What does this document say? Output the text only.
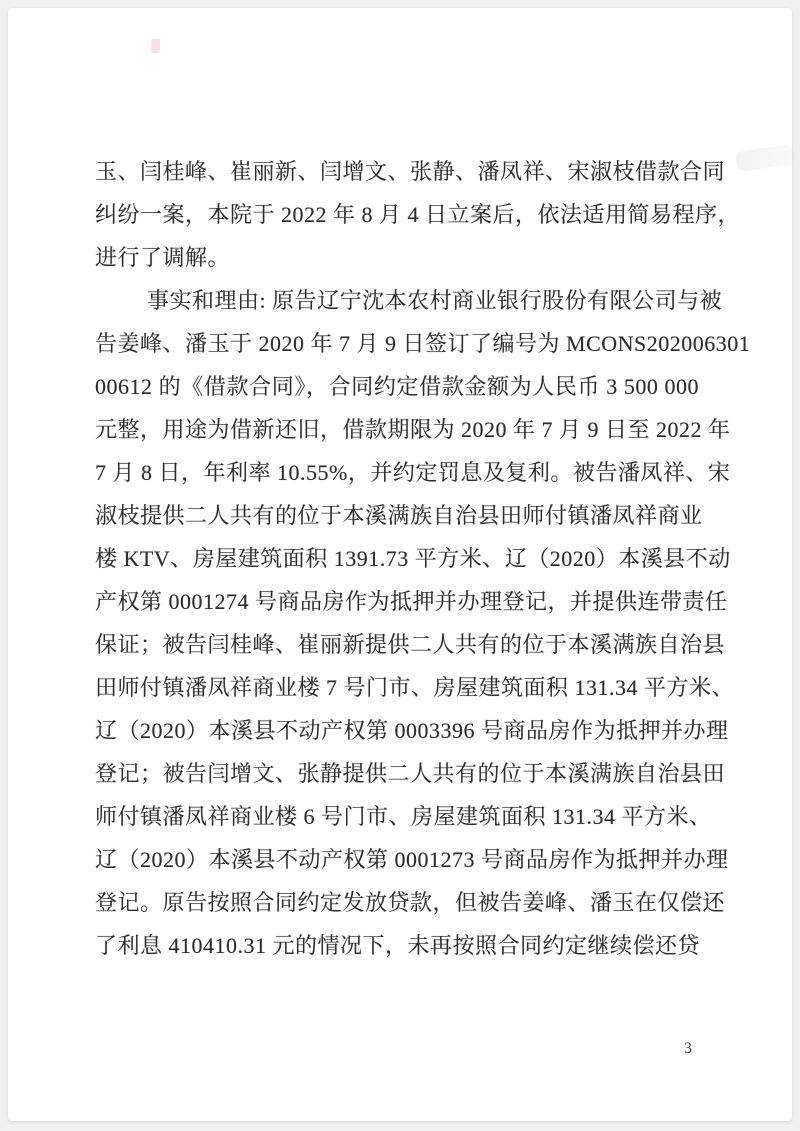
玉、闫桂峰、崔丽新、闫增文、张静、潘凤祥、宋淑枝借款合同
纠纷一案，本院于 2022 年 8 月 4 日立案后，依法适用简易程序，
进行了调解。
事实和理由: 原告辽宁沈本农村商业银行股份有限公司与被
告姜峰、潘玉于 2020 年 7 月 9 日签订了编号为 MCONS202006301
00612 的《借款合同》，合同约定借款金额为人民币 3 500 000
元整，用途为借新还旧，借款期限为 2020 年 7 月 9 日至 2022 年
7 月 8 日，年利率 10.55%，并约定罚息及复利。被告潘凤祥、宋
淑枝提供二人共有的位于本溪满族自治县田师付镇潘凤祥商业
楼 KTV、房屋建筑面积 1391.73 平方米、辽（2020）本溪县不动
产权第 0001274 号商品房作为抵押并办理登记，并提供连带责任
保证；被告闫桂峰、崔丽新提供二人共有的位于本溪满族自治县
田师付镇潘凤祥商业楼 7 号门市、房屋建筑面积 131.34 平方米、
辽（2020）本溪县不动产权第 0003396 号商品房作为抵押并办理
登记；被告闫增文、张静提供二人共有的位于本溪满族自治县田
师付镇潘凤祥商业楼 6 号门市、房屋建筑面积 131.34 平方米、
辽（2020）本溪县不动产权第 0001273 号商品房作为抵押并办理
登记。原告按照合同约定发放贷款，但被告姜峰、潘玉在仅偿还
了利息 410410.31 元的情况下，未再按照合同约定继续偿还贷
3
